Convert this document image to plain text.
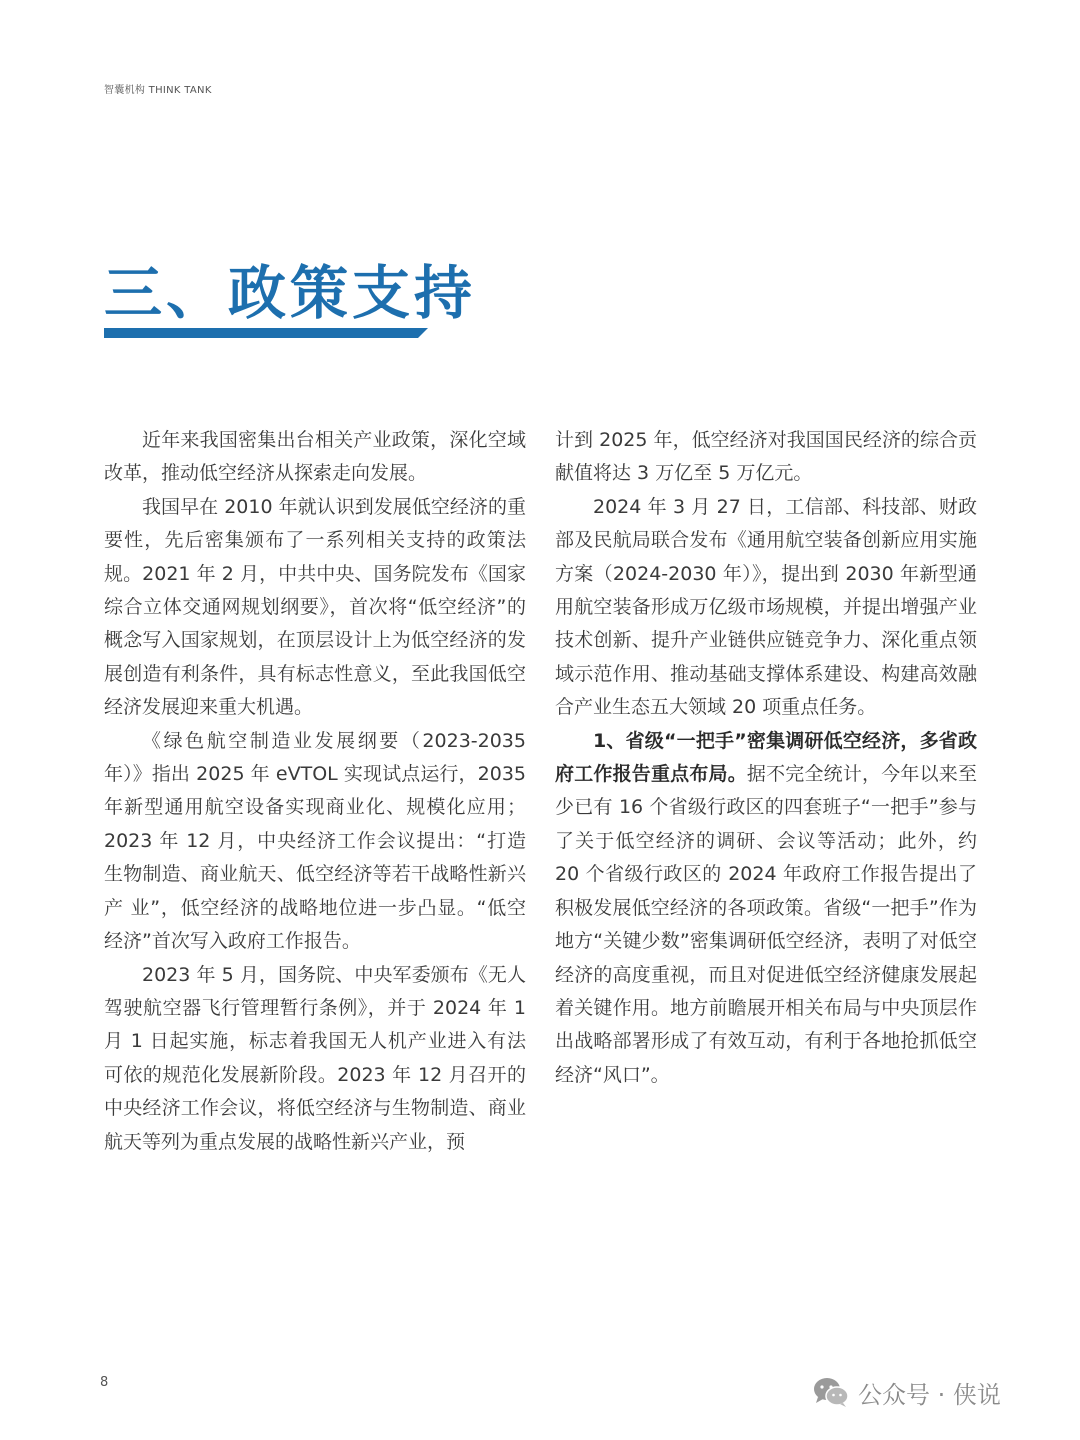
智囊机构 THINK TANK
三、政策支持

近年来我国密集出台相关产业政策，深化空域改革，推动低空经济从探索走向发展。

我国早在 2010 年就认识到发展低空经济的重要性，先后密集颁布了一系列相关支持的政策法规。2021 年 2 月，中共中央、国务院发布《国家综合立体交通网规划纲要》，首次将“低空经济”的概念写入国家规划，在顶层设计上为低空经济的发展创造有利条件，具有标志性意义，至此我国低空经济发展迎来重大机遇。

《绿色航空制造业发展纲要（2023-2035 年）》指出 2025 年 eVTOL 实现试点运行，2035 年新型通用航空设备实现商业化、规模化应用；2023 年 12 月，中央经济工作会议提出：“打造生物制造、商业航天、低空经济等若干战略性新兴产 业”，低空经济的战略地位进一步凸显。“低空经济”首次写入政府工作报告。

2023 年 5 月，国务院、中央军委颁布《无人驾驶航空器飞行管理暂行条例》，并于 2024 年 1 月 1 日起实施，标志着我国无人机产业进入有法可依的规范化发展新阶段。2023 年 12 月召开的中央经济工作会议，将低空经济与生物制造、商业航天等列为重点发展的战略性新兴产业，预

计到 2025 年，低空经济对我国国民经济的综合贡献值将达 3 万亿至 5 万亿元。

2024 年 3 月 27 日，工信部、科技部、财政部及民航局联合发布《通用航空装备创新应用实施方案（2024-2030 年）》，提出到 2030 年新型通用航空装备形成万亿级市场规模，并提出增强产业技术创新、提升产业链供应链竞争力、深化重点领域示范作用、推动基础支撑体系建设、构建高效融合产业生态五大领域 20 项重点任务。

1、省级“一把手”密集调研低空经济，多省政府工作报告重点布局。据不完全统计，今年以来至少已有 16 个省级行政区的四套班子“一把手”参与了关于低空经济的调研、会议等活动；此外，约 20 个省级行政区的 2024 年政府工作报告提出了积极发展低空经济的各项政策。省级“一把手”作为地方“关键少数”密集调研低空经济，表明了对低空经济的高度重视，而且对促进低空经济健康发展起着关键作用。地方前瞻展开相关布局与中央顶层作出战略部署形成了有效互动，有利于各地抢抓低空经济“风口”。

8	公众号 · 侠说
